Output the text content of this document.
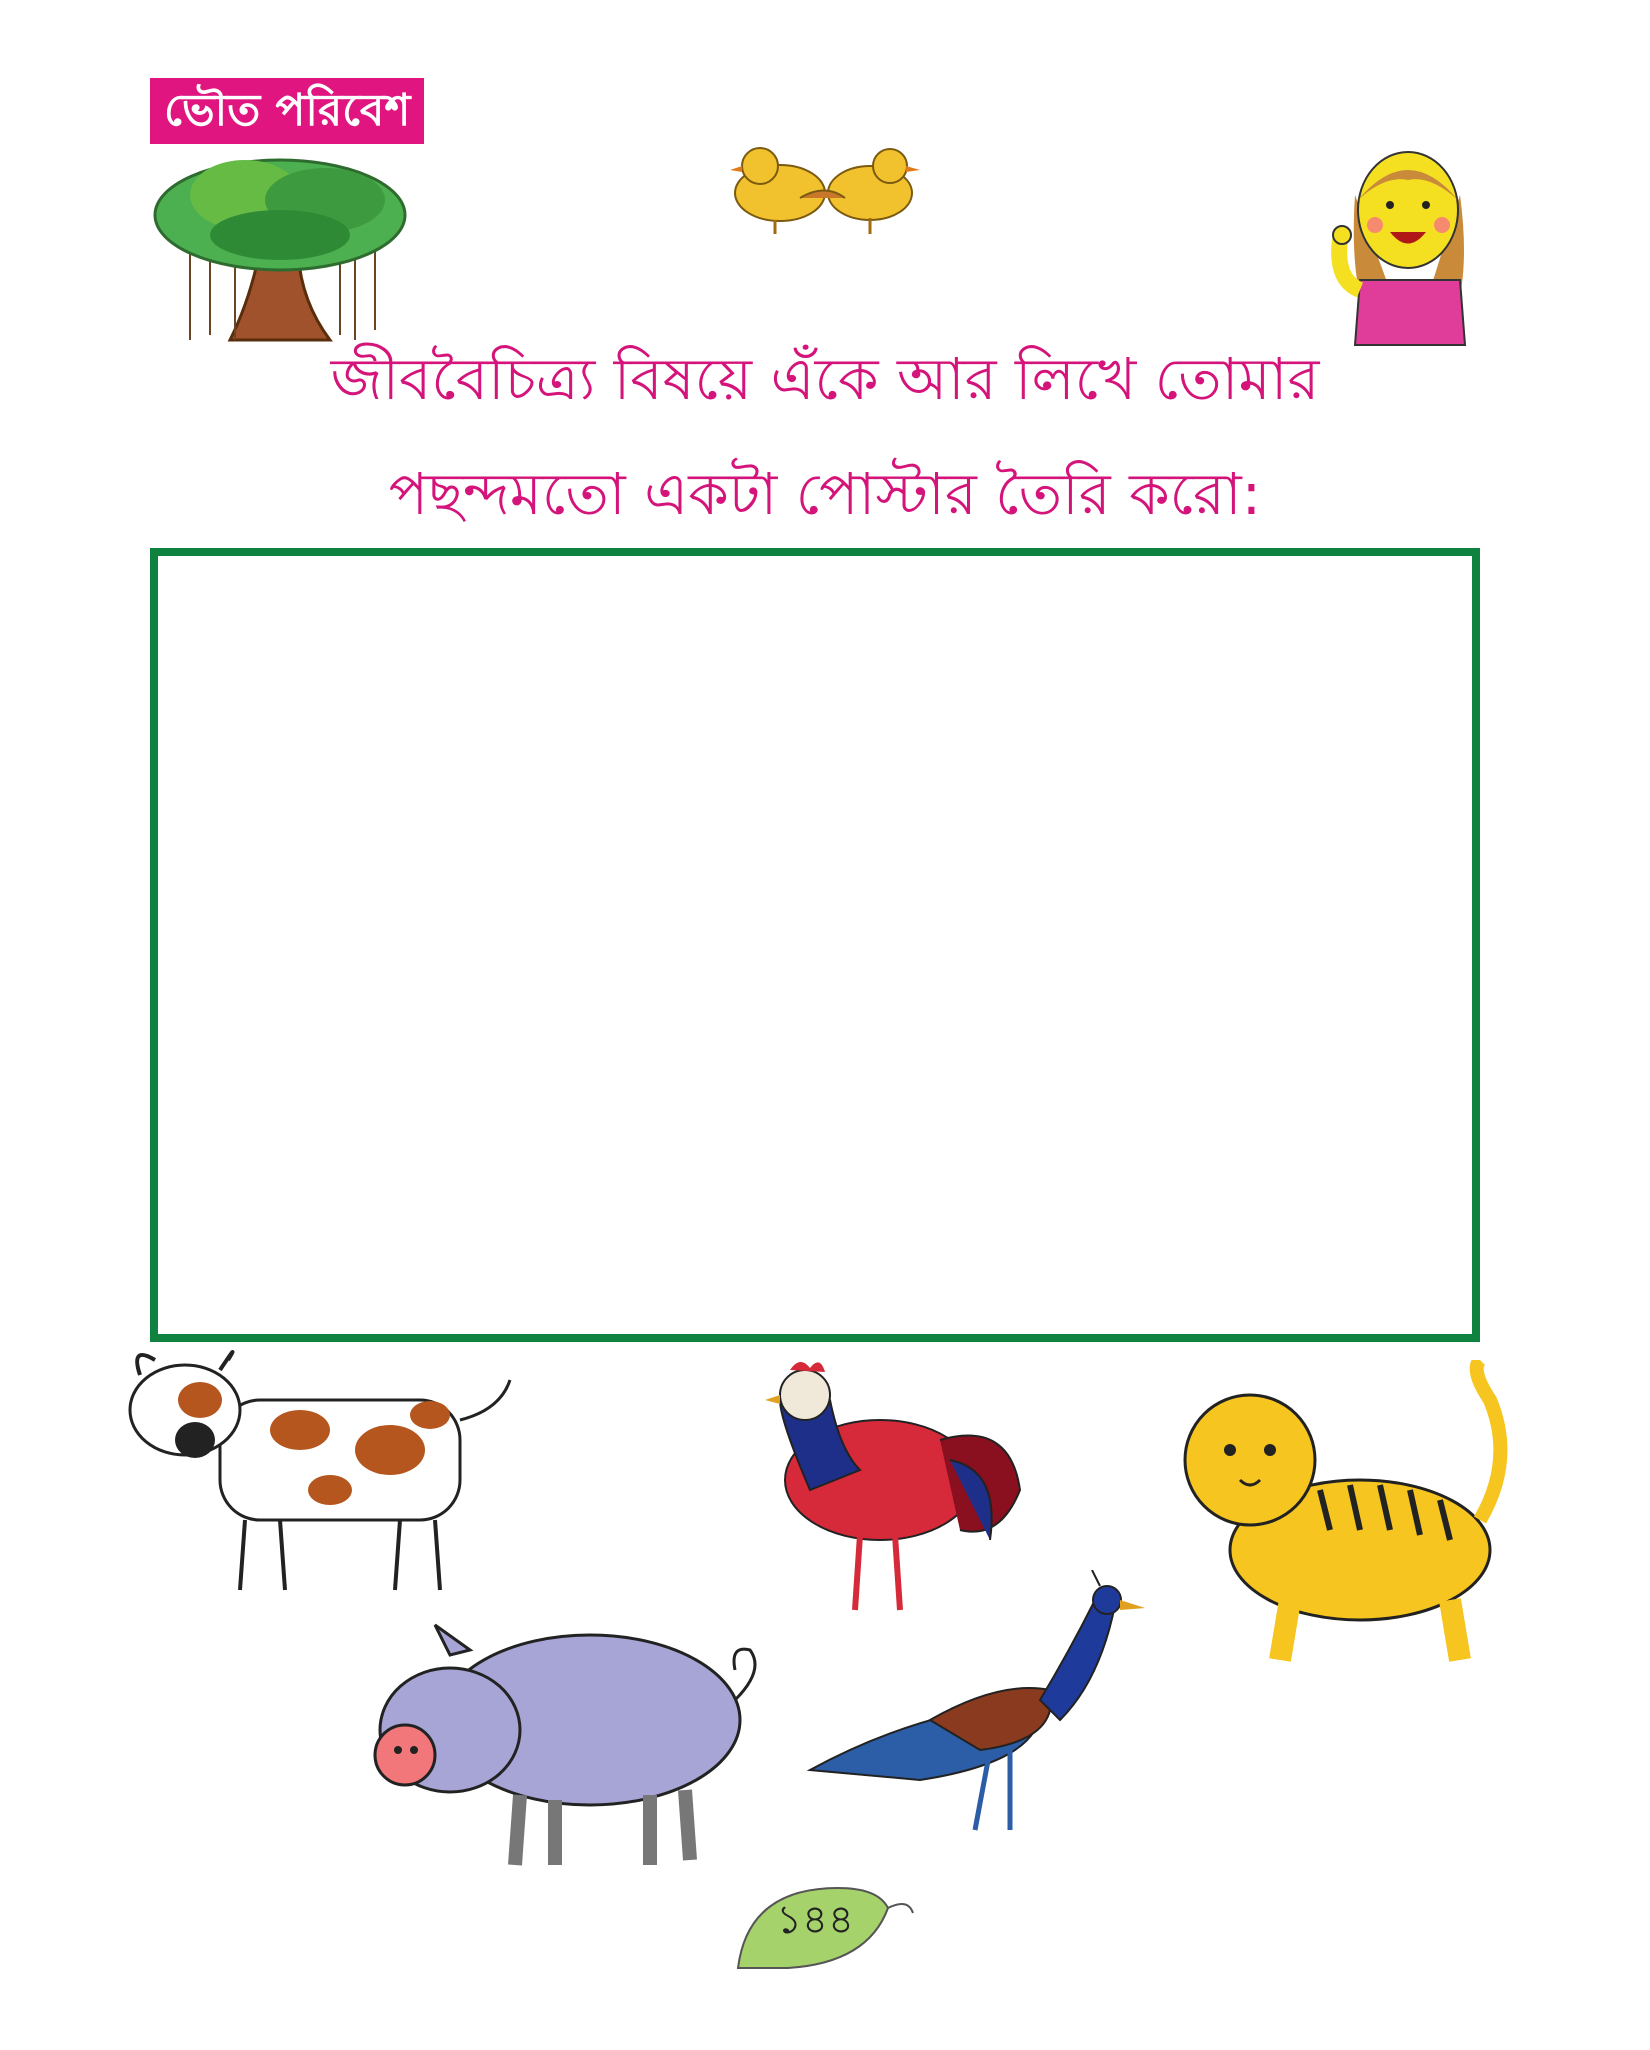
ভৌত পরিবেশ
জীববৈচিত্র্য বিষয়ে এঁকে আর লিখে তোমার
পছন্দমতো একটা পোস্টার তৈরি করো:
১৪৪
